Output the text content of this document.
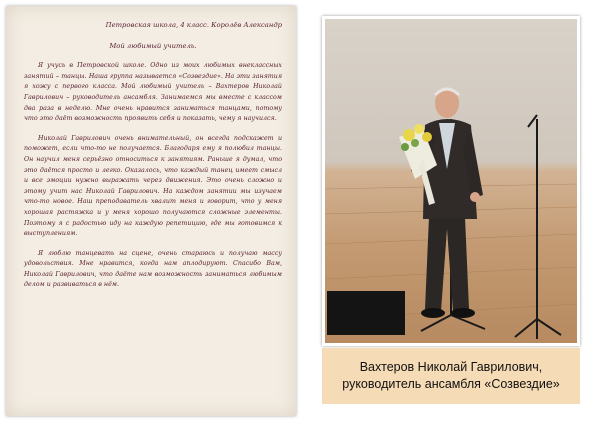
Петровская школа, 4 класс. Королёв Александр
Мой любимый учитель.

Я учусь в Петровской школе. Одно из моих любимых внеклассных занятий – танцы. Наша группа называется «Созвездие». На эти занятия я хожу с первого класса. Мой любимый учитель – Вахтеров Николай Гаврилович – руководитель ансамбля. Занимаемся мы вместе с классом два раза в неделю. Мне очень нравится заниматься танцами, потому что это даёт возможность проявить себя и показать, чему я научился.

Николай Гаврилович очень внимательный, он всегда подскажет и поможет, если что-то не получается. Благодаря ему я полюбил танцы. Он научил меня серьёзно относиться к занятиям. Раньше я думал, что это даётся просто и легко. Оказалось, что каждый танец имеет смысл и все эмоции нужно выражать через движения. Это очень сложно и этому учит нас Николай Гаврилович. На каждом занятии мы изучаем что-то новое. Наш преподаватель хвалит меня и говорит, что у меня хорошая растяжка и у меня хорошо получаются сложные элементы. Поэтому я с радостью иду на каждую репетицию, где мы готовимся к выступлениям.

Я люблю танцевать на сцене, очень стараюсь и получаю массу удовольствия. Мне нравится, когда нам аплодируют. Спасибо Вам, Николай Гаврилович, что даёте нам возможность заниматься любимым делом и развиваться в нём.

Вахтеров Николай Гаврилович,
руководитель ансамбля «Созвездие»
